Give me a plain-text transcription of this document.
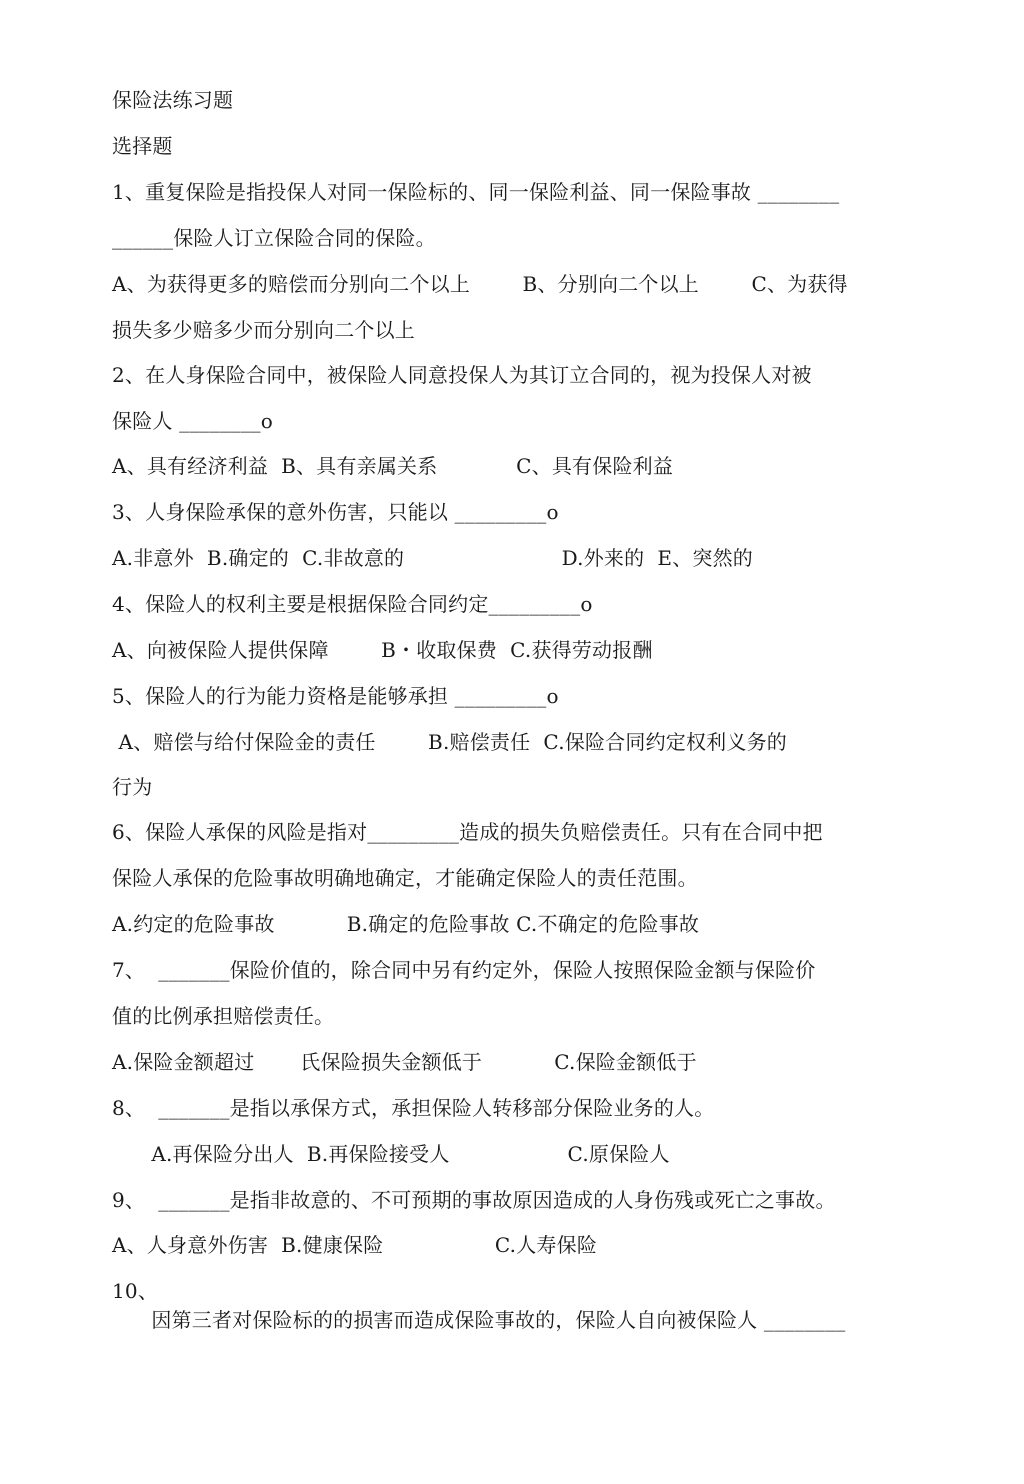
保险法练习题
选择题
1、重复保险是指投保人对同一保险标的、同一保险利益、同一保险事故 ________
______保险人订立保险合同的保险。
A、为获得更多的赔偿而分别向二个以上        B、分别向二个以上        C、为获得
损失多少赔多少而分别向二个以上
2、在人身保险合同中，被保险人同意投保人为其订立合同的，视为投保人对被
保险人 ________o
A、具有经济利益  B、具有亲属关系            C、具有保险利益
3、人身保险承保的意外伤害，只能以 _________o
A.非意外  B.确定的  C.非故意的                        D.外来的  E、突然的
4、保险人的权利主要是根据保险合同约定_________o
A、向被保险人提供保障        B・收取保费  C.获得劳动报酬
5、保险人的行为能力资格是能够承担 _________o
A、赔偿与给付保险金的责任        B.赔偿责任  C.保险合同约定权利义务的
行为
6、保险人承保的风险是指对_________造成的损失负赔偿责任。只有在合同中把
保险人承保的危险事故明确地确定，才能确定保险人的责任范围。
A.约定的危险事故           B.确定的危险事故 C.不确定的危险事故
7、  _______保险价值的，除合同中另有约定外，保险人按照保险金额与保险价
值的比例承担赔偿责任。
A.保险金额超过       氏保险损失金额低于           C.保险金额低于
8、  _______是指以承保方式，承担保险人转移部分保险业务的人。
A.再保险分出人  B.再保险接受人                  C.原保险人
9、  _______是指非故意的、不可预期的事故原因造成的人身伤残或死亡之事故。
A、人身意外伤害  B.健康保险                 C.人寿保险
10、
因第三者对保险标的的损害而造成保险事故的，保险人自向被保险人 ________
